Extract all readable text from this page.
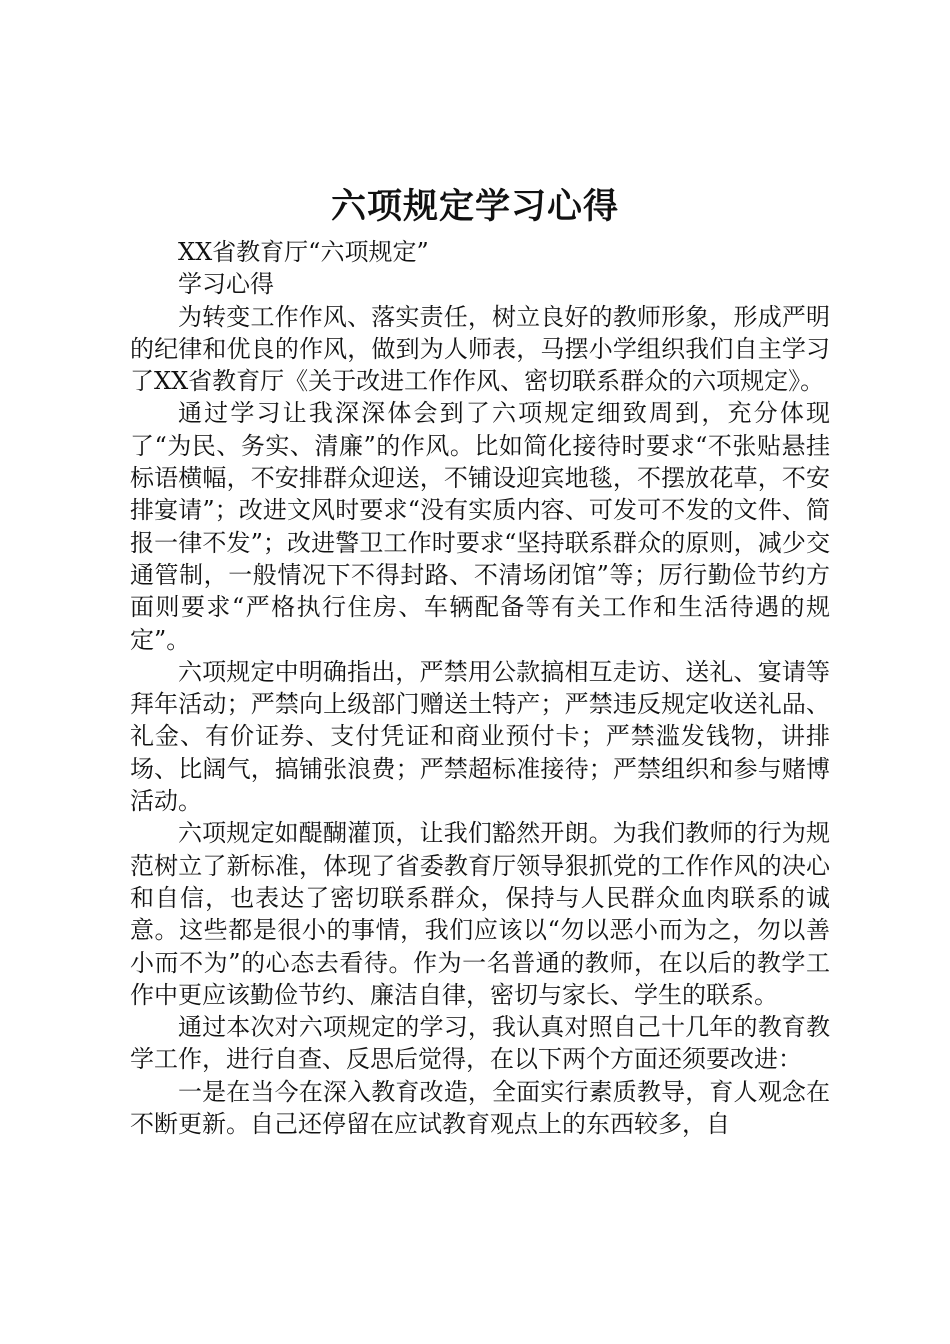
六项规定学习心得

XX省教育厅“六项规定”

学习心得

为转变工作作风、落实责任，树立良好的教师形象，形成严明的纪律和优良的作风，做到为人师表，马摆小学组织我们自主学习了XX省教育厅《关于改进工作作风、密切联系群众的六项规定》。

通过学习让我深深体会到了六项规定细致周到，充分体现了“为民、务实、清廉”的作风。比如简化接待时要求“不张贴悬挂标语横幅，不安排群众迎送，不铺设迎宾地毯，不摆放花草，不安排宴请”；改进文风时要求“没有实质内容、可发可不发的文件、简报一律不发”；改进警卫工作时要求“坚持联系群众的原则，减少交通管制，一般情况下不得封路、不清场闭馆”等；厉行勤俭节约方面则要求“严格执行住房、车辆配备等有关工作和生活待遇的规定”。

六项规定中明确指出，严禁用公款搞相互走访、送礼、宴请等拜年活动；严禁向上级部门赠送土特产；严禁违反规定收送礼品、礼金、有价证券、支付凭证和商业预付卡；严禁滥发钱物，讲排场、比阔气，搞铺张浪费；严禁超标准接待；严禁组织和参与赌博活动。

六项规定如醍醐灌顶，让我们豁然开朗。为我们教师的行为规范树立了新标准，体现了省委教育厅领导狠抓党的工作作风的决心和自信，也表达了密切联系群众，保持与人民群众血肉联系的诚意。这些都是很小的事情，我们应该以“勿以恶小而为之，勿以善小而不为”的心态去看待。作为一名普通的教师，在以后的教学工作中更应该勤俭节约、廉洁自律，密切与家长、学生的联系。

通过本次对六项规定的学习，我认真对照自己十几年的教育教学工作，进行自查、反思后觉得，在以下两个方面还须要改进：

一是在当今在深入教育改造，全面实行素质教导，育人观念在不断更新。自己还停留在应试教育观点上的东西较多，自
